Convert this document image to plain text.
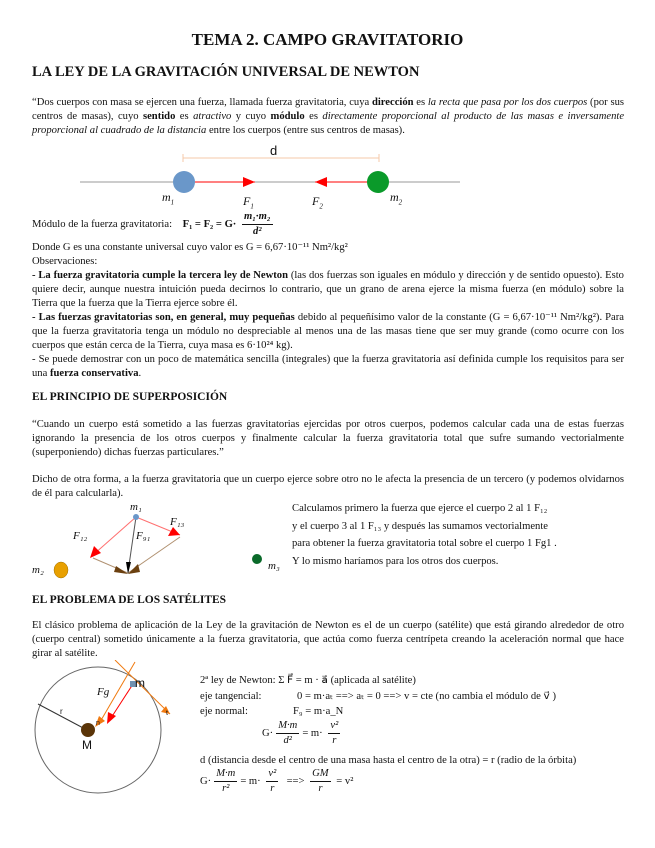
TEMA 2. CAMPO GRAVITATORIO
LA LEY DE LA GRAVITACIÓN UNIVERSAL DE NEWTON
“Dos cuerpos con masa se ejercen una fuerza, llamada fuerza gravitatoria, cuya dirección es la recta que pasa por los dos cuerpos (por sus centros de masas), cuyo sentido es atractivo y cuyo módulo es directamente proporcional al producto de las masas e inversamente proporcional al cuadrado de la distancia entre los cuerpos (entre sus centros de masas).
d
$m_1$	$m_2$
$F_1$	$F_2$
Módulo de la fuerza gravitatoria: $F_1 = F_2 = G\cdot \frac{\text{m₁·m₂}}{\text{d²}}$
Donde G es una constante universal cuyo valor es G = 6,67·10⁻¹¹ Nm²/kg²
Observaciones:
- La fuerza gravitatoria cumple la tercera ley de Newton (las dos fuerzas son iguales en módulo y dirección y de sentido opuesto). Esto quiere decir, aunque nuestra intuición pueda decirnos lo contrario, que un grano de arena ejerce la misma fuerza (en módulo) sobre la Tierra que la fuerza que la Tierra ejerce sobre él.
- Las fuerzas gravitatorias son, en general, muy pequeñas debido al pequeñísimo valor de la constante (G = 6,67·10⁻¹¹ Nm²/kg²). Para que la fuerza gravitatoria tenga un módulo no despreciable al menos una de las masas tiene que ser muy grande (como ocurre con los cuerpos que están cerca de la Tierra, cuya masa es 6·10²⁴ kg).
- Se puede demostrar con un poco de matemática sencilla (integrales) que la fuerza gravitatoria así definida cumple los requisitos para ser una fuerza conservativa.
EL PRINCIPIO DE SUPERPOSICIÓN
“Cuando un cuerpo está sometido a las fuerzas gravitatorias ejercidas por otros cuerpos, podemos calcular cada una de estas fuerzas ignorando la presencia de los otros cuerpos y finalmente calcular la fuerza gravitatoria total que sufre sumando vectorialmente (superponiendo) dichas fuerzas particulares.”
Dicho de otra forma, a la fuerza gravitatoria que un cuerpo ejerce sobre otro no le afecta la presencia de un tercero (y podemos olvidarnos de él para calcularla).
m₁
F₁₃
F₁₂	F₉₁
m₂	m₃
Calculamos primero la fuerza que ejerce el cuerpo 2 al 1 F₁₂
y el cuerpo 3 al 1 F₁₃ y después las sumamos vectorialmente
para obtener la fuerza gravitatoria total sobre el cuerpo 1 Fg1 .
Y lo mismo haríamos para los otros dos cuerpos.
EL PROBLEMA DE LOS SATÉLITES
El clásico problema de aplicación de la Ley de la gravitación de Newton es el de un cuerpo (satélite) que está girando alrededor de otro (cuerpo central) sometido únicamente a la fuerza gravitatoria, que actúa como fuerza centrípeta creando la aceleración normal que hace girar al satélite.
m
M
r
n
t
Fg
2ª ley de Newton: Σ F⃗ = m · a⃗ (aplicada al satélite)
eje tangencial:	0 = m·aₜ ==> aₜ = 0 ==> v = cte (no cambia el módulo de v⃗ )
eje normal:	F₉ = m·a_N
$G\cdot \frac{M\cdot m}{\text{d²}} = m\cdot \frac{\text{v²}}{r}$
d (distancia desde el centro de una masa hasta el centro de la otra) = r (radio de la órbita)
$G\cdot \frac{M\cdot m}{\text{r²}} = m\cdot \frac{\text{v²}}{r}$ ==> $\frac{GM}{r} = v^2$
